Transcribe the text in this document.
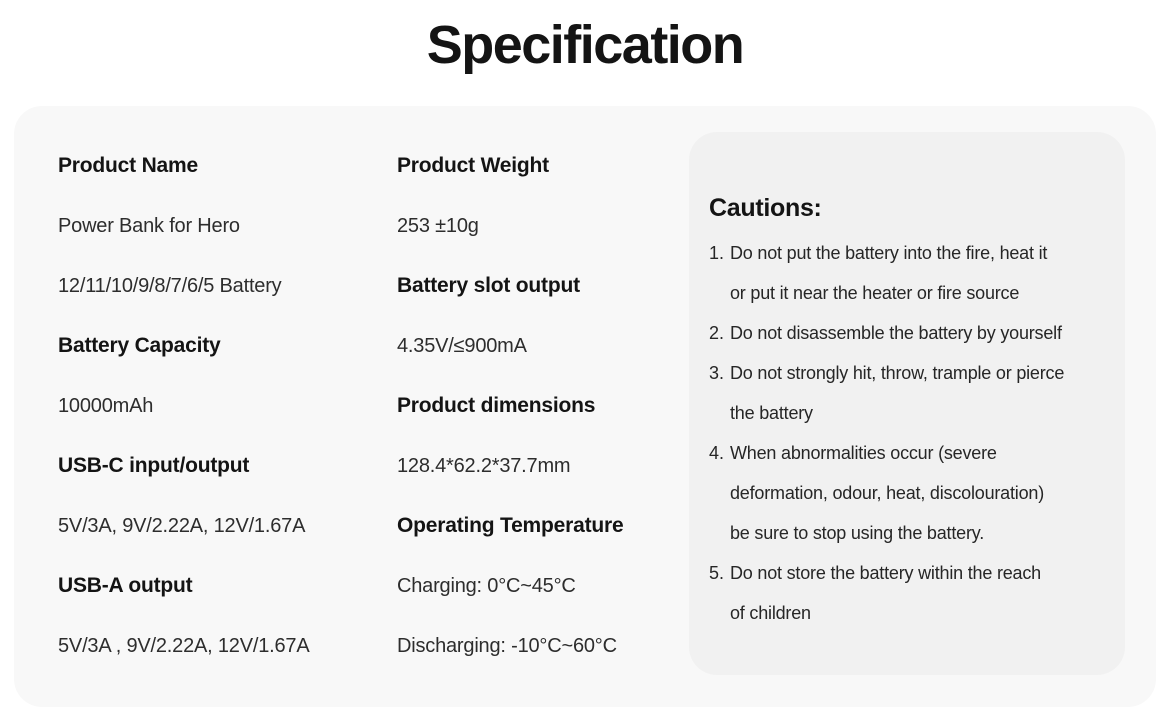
Specification
Product Name
Power Bank for Hero
12/11/10/9/8/7/6/5 Battery
Battery Capacity
10000mAh
USB-C input/output
5V/3A, 9V/2.22A, 12V/1.67A
USB-A output
5V/3A , 9V/2.22A, 12V/1.67A
Product Weight
253 ±10g
Battery slot output
4.35V/≤900mA
Product dimensions
128.4*62.2*37.7mm
Operating Temperature
Charging: 0°C~45°C
Discharging: -10°C~60°C
Cautions:
1. Do not put the battery into the fire, heat it
or put it near the heater or fire source
2. Do not disassemble the battery by yourself
3. Do not strongly hit, throw, trample or pierce
the battery
4. When abnormalities occur (severe
deformation, odour, heat, discolouration)
be sure to stop using the battery.
5. Do not store the battery within the reach
of children
